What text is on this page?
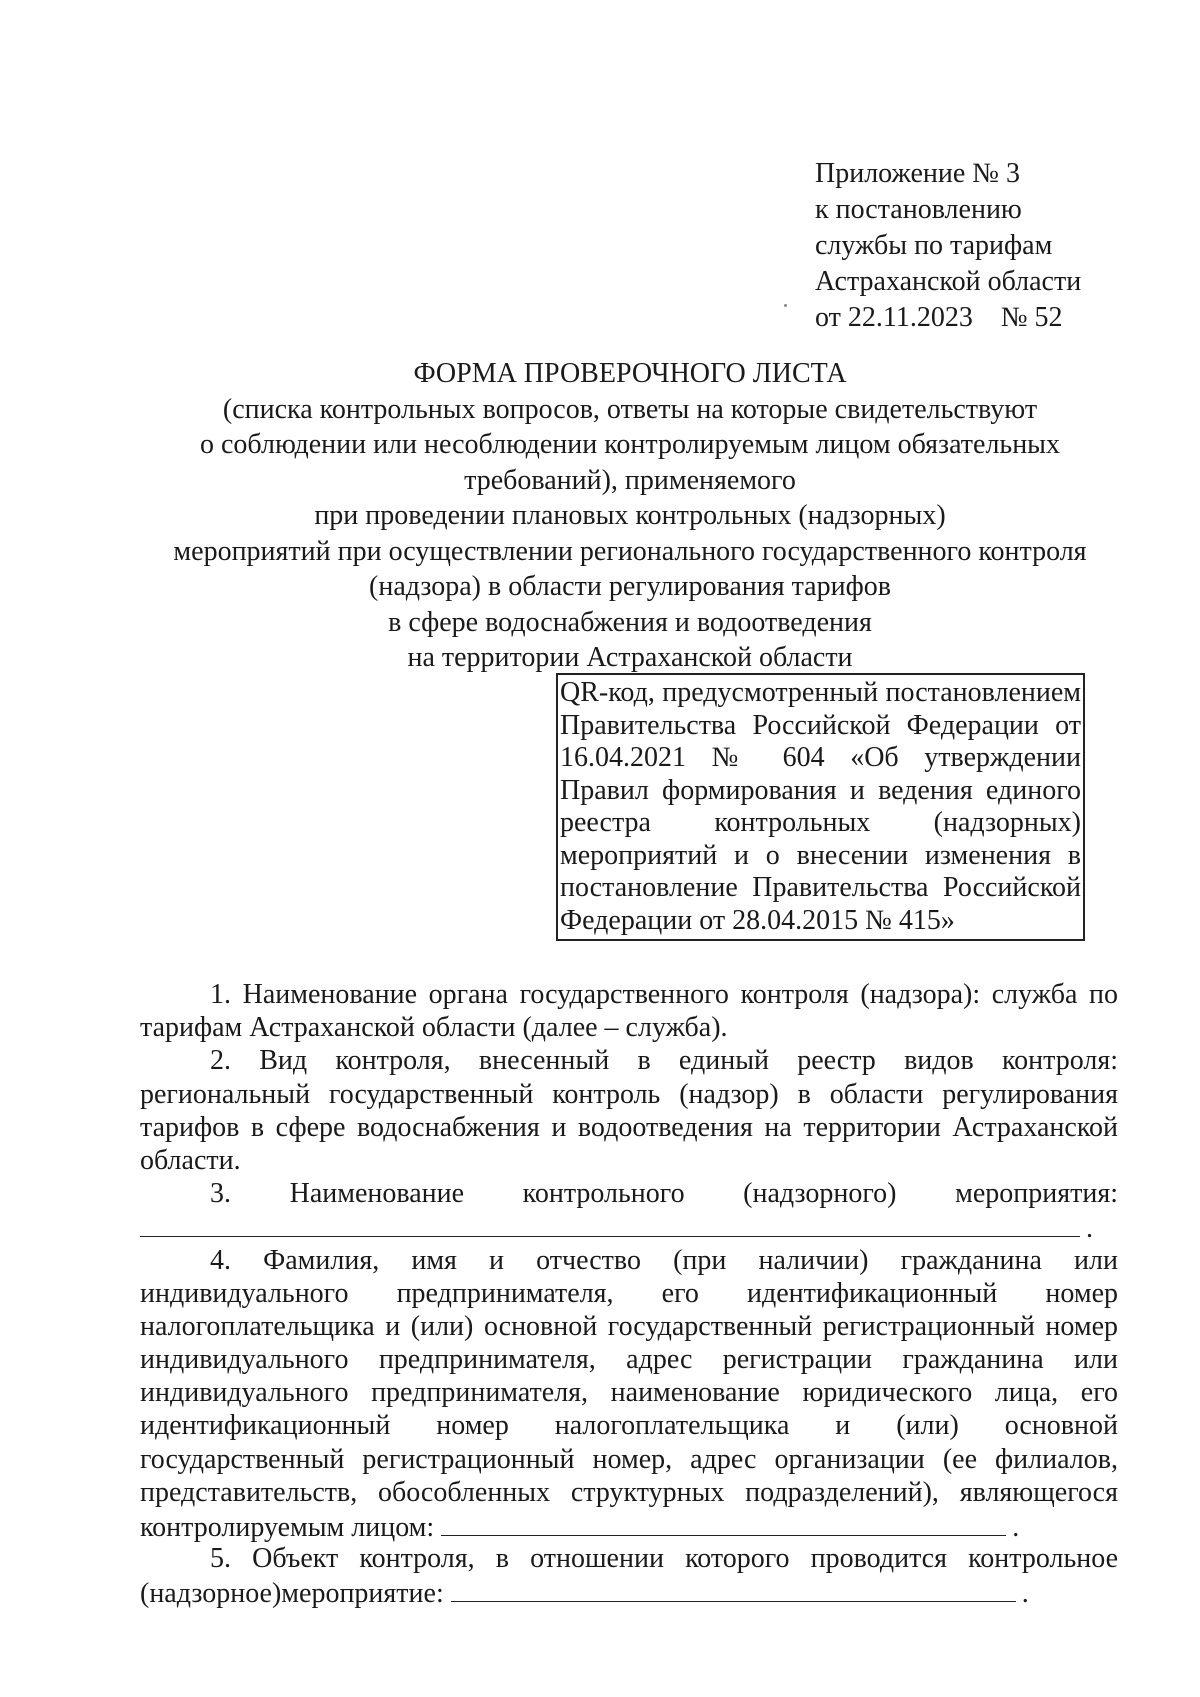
Приложение № 3
к постановлению
службы по тарифам
Астраханской области
от 22.11.2023 № 52
ФОРМА ПРОВЕРОЧНОГО ЛИСТА
(списка контрольных вопросов, ответы на которые свидетельствуют
о соблюдении или несоблюдении контролируемым лицом обязательных
требований), применяемого
при проведении плановых контрольных (надзорных)
мероприятий при осуществлении регионального государственного контроля
(надзора) в области регулирования тарифов
в сфере водоснабжения и водоотведения
на территории Астраханской области
QR-код, предусмотренный постановлением
Правительства Российской Федерации от
16.04.2021 № 604 «Об утверждении
Правил формирования и ведения единого
реестра контрольных (надзорных)
мероприятий и о внесении изменения в
постановление Правительства Российской
Федерации от 28.04.2015 № 415»
1. Наименование органа государственного контроля (надзора): служба по
тарифам Астраханской области (далее – служба).
2. Вид контроля, внесенный в единый реестр видов контроля:
региональный государственный контроль (надзор) в области регулирования
тарифов в сфере водоснабжения и водоотведения на территории Астраханской
области.
3. Наименование контрольного (надзорного) мероприятия:
.
4. Фамилия, имя и отчество (при наличии) гражданина или
индивидуального предпринимателя, его идентификационный номер
налогоплательщика и (или) основной государственный регистрационный номер
индивидуального предпринимателя, адрес регистрации гражданина или
индивидуального предпринимателя, наименование юридического лица, его
идентификационный номер налогоплательщика и (или) основной
государственный регистрационный номер, адрес организации (ее филиалов,
представительств, обособленных структурных подразделений), являющегося
контролируемым лицом:	.
5. Объект контроля, в отношении которого проводится контрольное
(надзорное)мероприятие:	.
